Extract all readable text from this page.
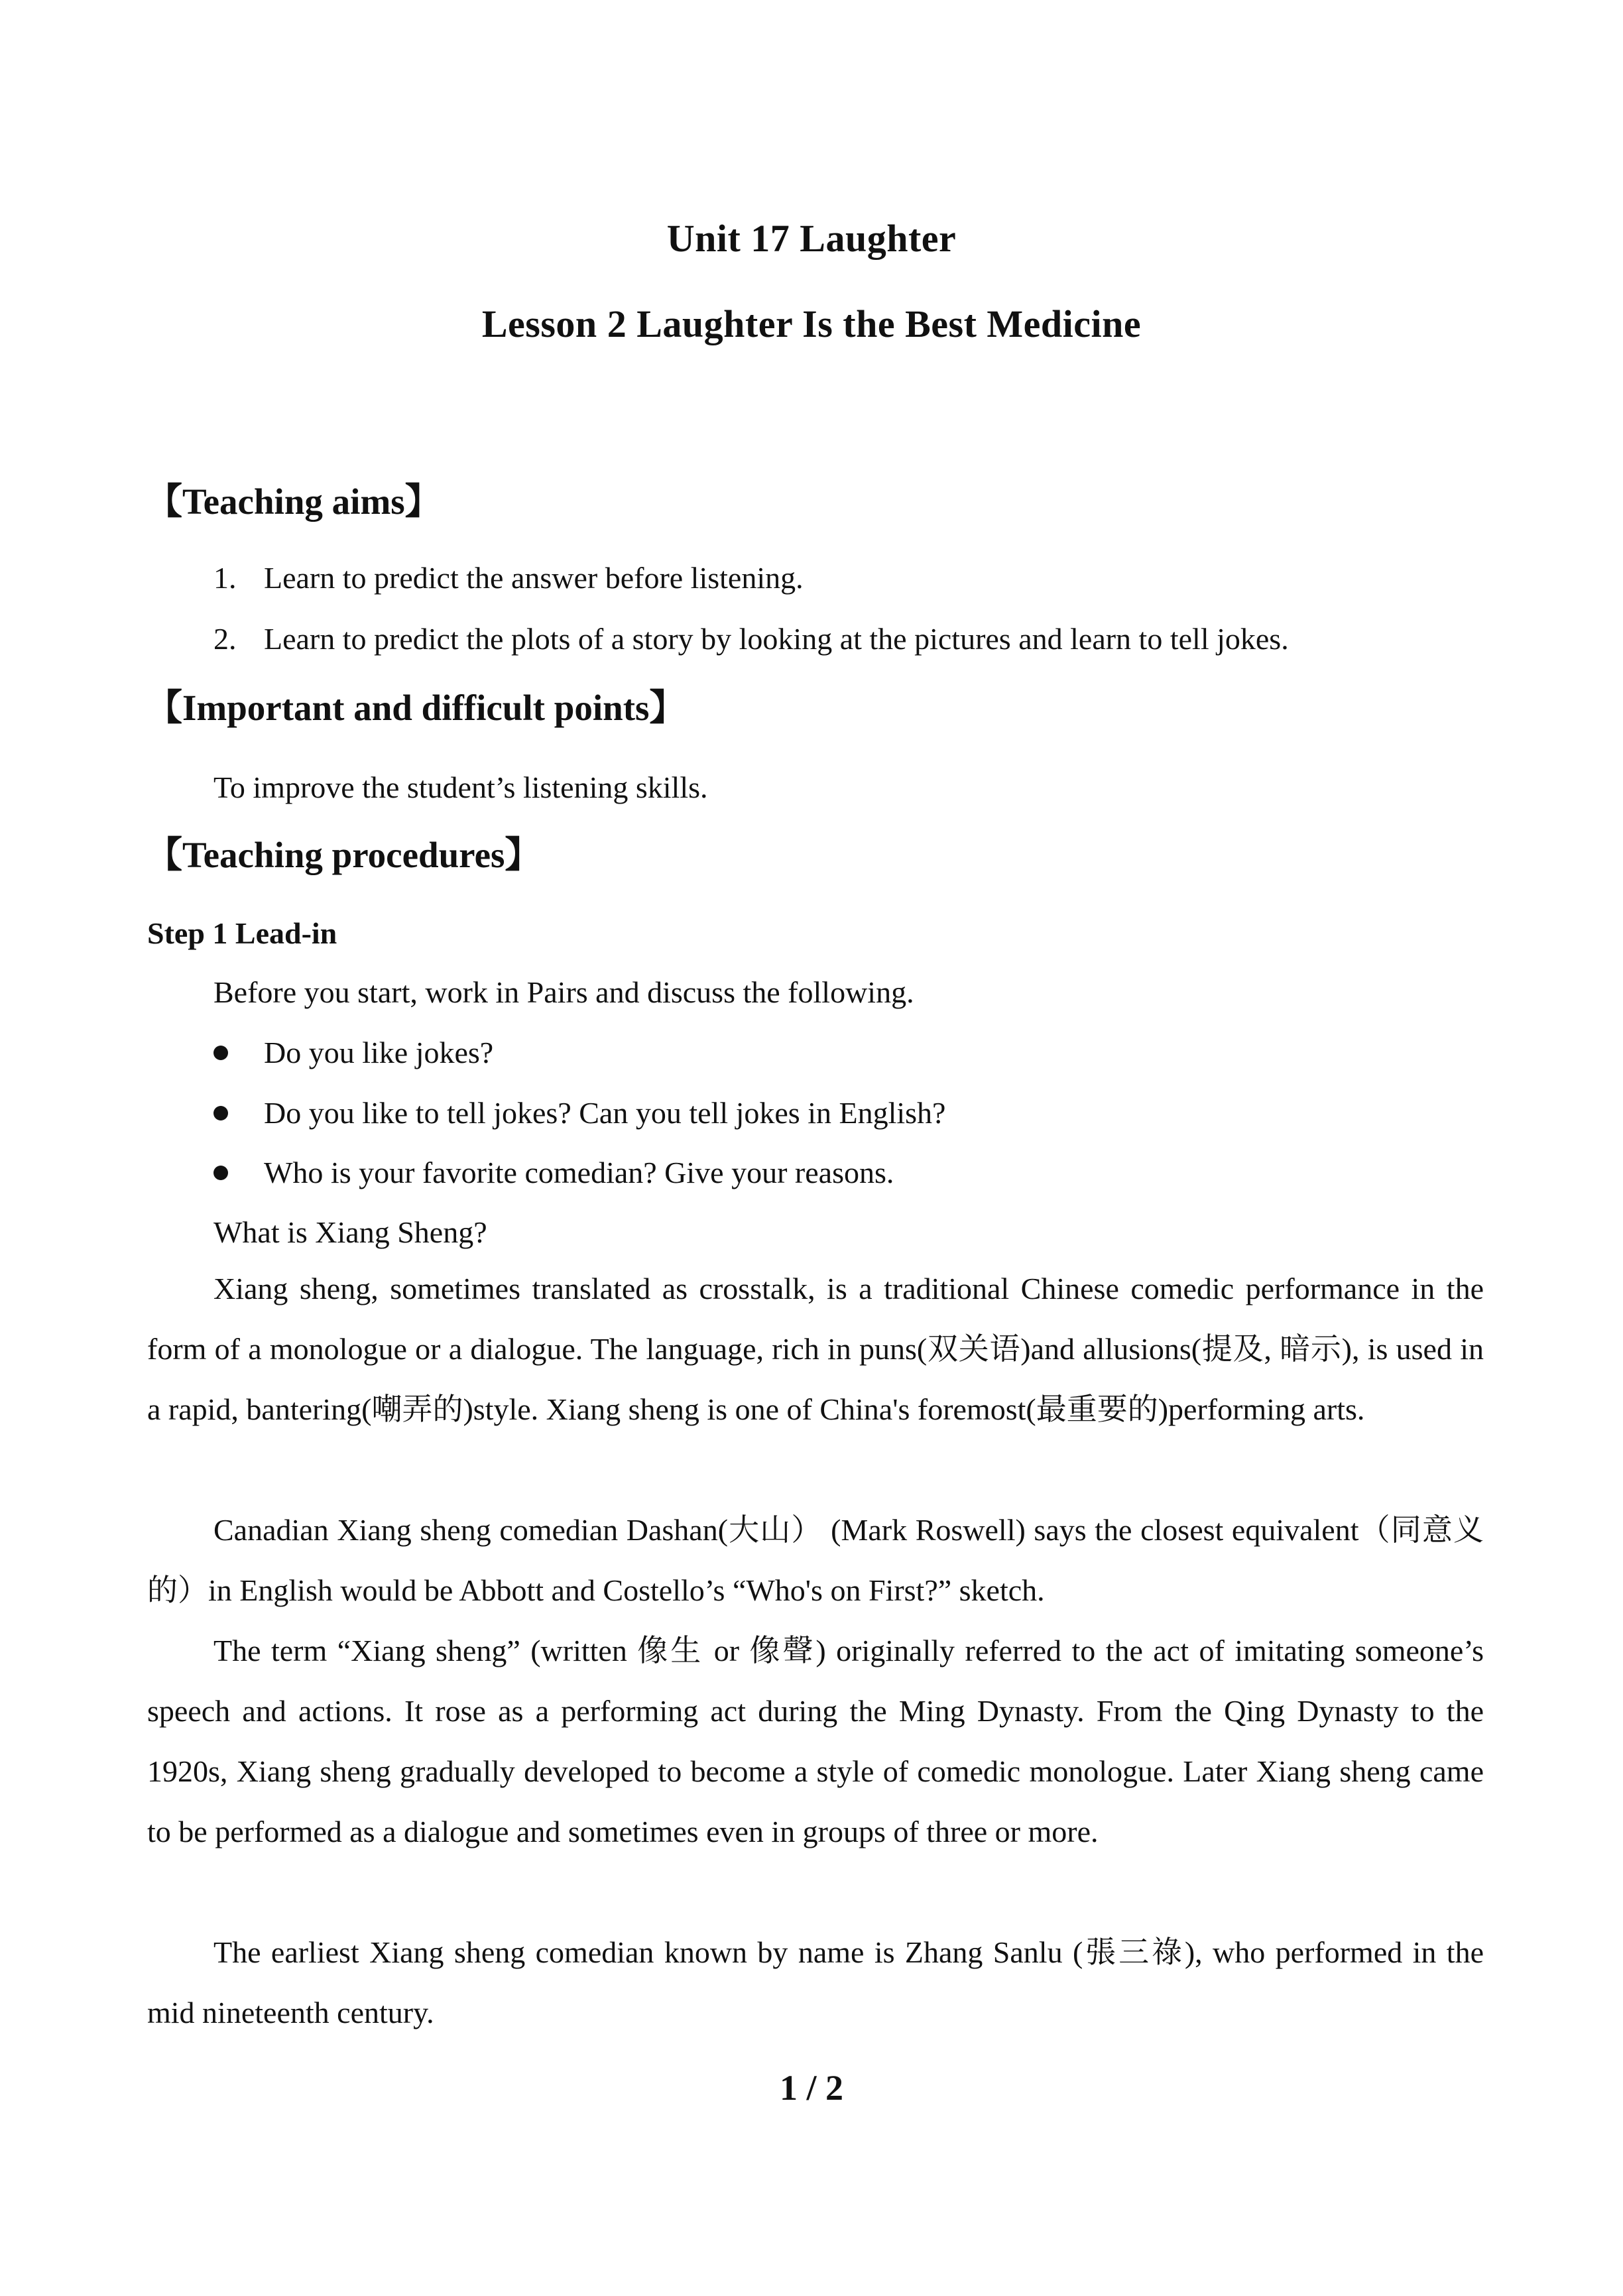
Unit 17 Laughter
Lesson 2 Laughter Is the Best Medicine
【Teaching aims】
1. Learn to predict the answer before listening.
2. Learn to predict the plots of a story by looking at the pictures and learn to tell jokes.
【Important and difficult points】
To improve the student’s listening skills.
【Teaching procedures】
Step 1 Lead-in
Before you start, work in Pairs and discuss the following.
Do you like jokes?
Do you like to tell jokes? Can you tell jokes in English?
Who is your favorite comedian? Give your reasons.
What is Xiang Sheng?

Xiang sheng, sometimes translated as crosstalk, is a traditional Chinese comedic performance in the form of a monologue or a dialogue. The language, rich in puns(双关语)and allusions(提及, 暗示), is used in a rapid, bantering(嘲弄的)style. Xiang sheng is one of China's foremost(最重要的)performing arts.

Canadian Xiang sheng comedian Dashan(大山） (Mark Roswell) says the closest equivalent（同意义的）in English would be Abbott and Costello’s “Who's on First?” sketch.

The term “Xiang sheng” (written 像生 or 像聲) originally referred to the act of imitating someone’s speech and actions. It rose as a performing act during the Ming Dynasty. From the Qing Dynasty to the 1920s, Xiang sheng gradually developed to become a style of comedic monologue. Later Xiang sheng came to be performed as a dialogue and sometimes even in groups of three or more.

The earliest Xiang sheng comedian known by name is Zhang Sanlu (張三祿), who performed in the mid nineteenth century.

1 / 2
